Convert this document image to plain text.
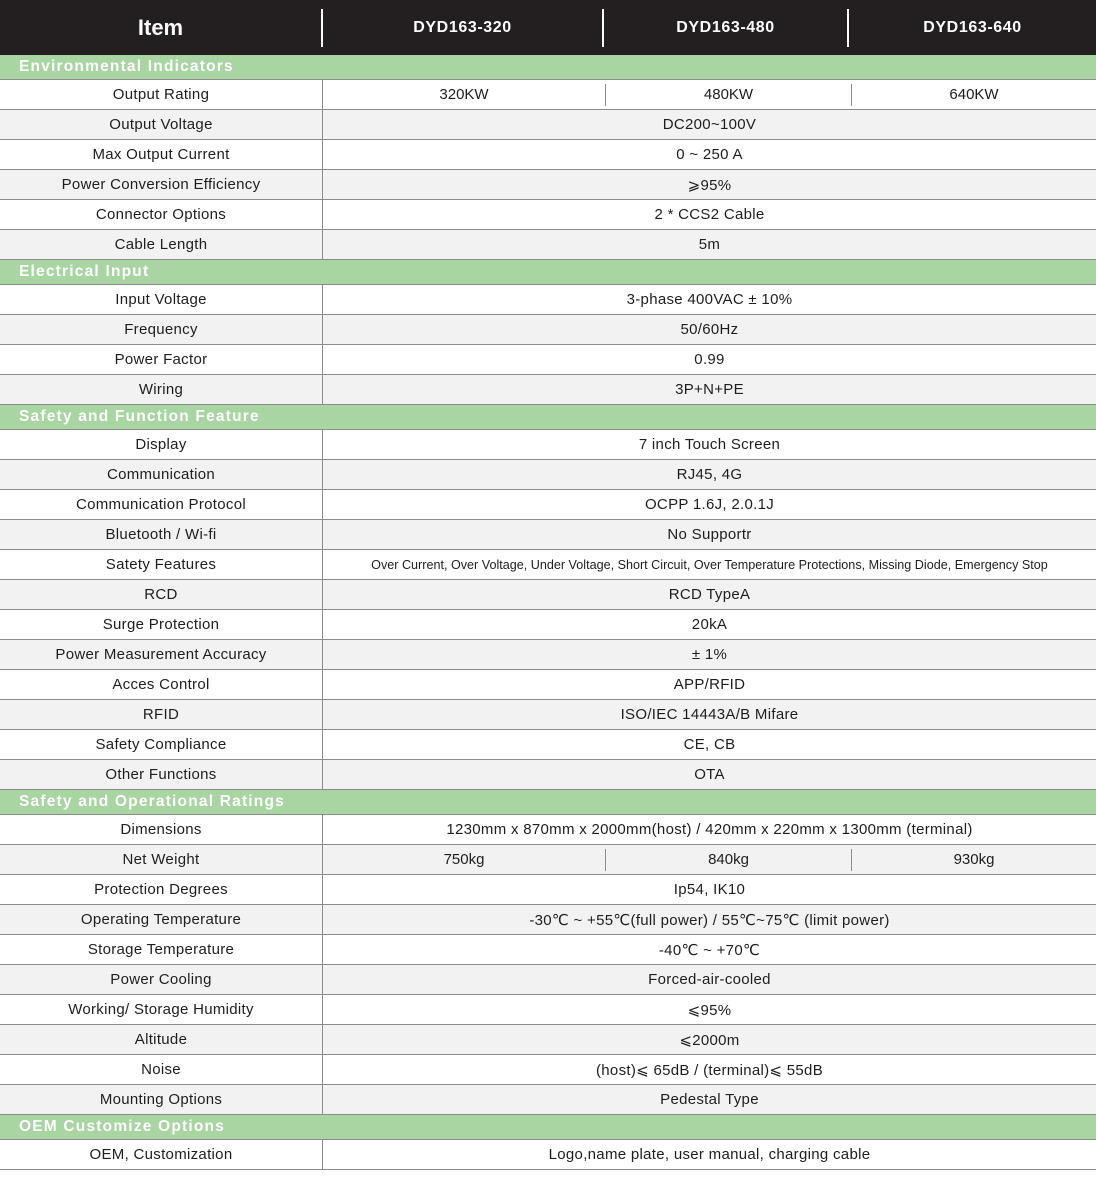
Item	DYD163-320	DYD163-480	DYD163-640
Environmental Indicators
Output Rating	320KW	480KW	640KW
Output Voltage	DC200~100V
Max Output Current	0 ~ 250 A
Power Conversion Efficiency	⩾95%
Connector Options	2 * CCS2 Cable
Cable Length	5m
Electrical Input
Input Voltage	3-phase 400VAC ± 10%
Frequency	50/60Hz
Power Factor	0.99
Wiring	3P+N+PE
Safety and Function Feature
Display	7 inch Touch Screen
Communication	RJ45, 4G
Communication Protocol	OCPP 1.6J, 2.0.1J
Bluetooth / Wi-fi	No Supportr
Satety Features	Over Current, Over Voltage, Under Voltage, Short Circuit, Over Temperature Protections, Missing Diode, Emergency Stop
RCD	RCD TypeA
Surge Protection	20kA
Power Measurement Accuracy	± 1%
Acces Control	APP/RFID
RFID	ISO/IEC 14443A/B Mifare
Safety Compliance	CE, CB
Other Functions	OTA
Safety and Operational Ratings
Dimensions	1230mm x 870mm x 2000mm(host) / 420mm x 220mm x 1300mm (terminal)
Net Weight	750kg	840kg	930kg
Protection Degrees	Ip54, IK10
Operating Temperature	-30℃ ~ +55℃(full power) / 55℃~75℃ (limit power)
Storage Temperature	-40℃ ~ +70℃
Power Cooling	Forced-air-cooled
Working/ Storage Humidity	⩽95%
Altitude	⩽2000m
Noise	(host)⩽ 65dB / (terminal)⩽ 55dB
Mounting Options	Pedestal Type
OEM Customize Options
OEM, Customization	Logo,name plate, user manual, charging cable
